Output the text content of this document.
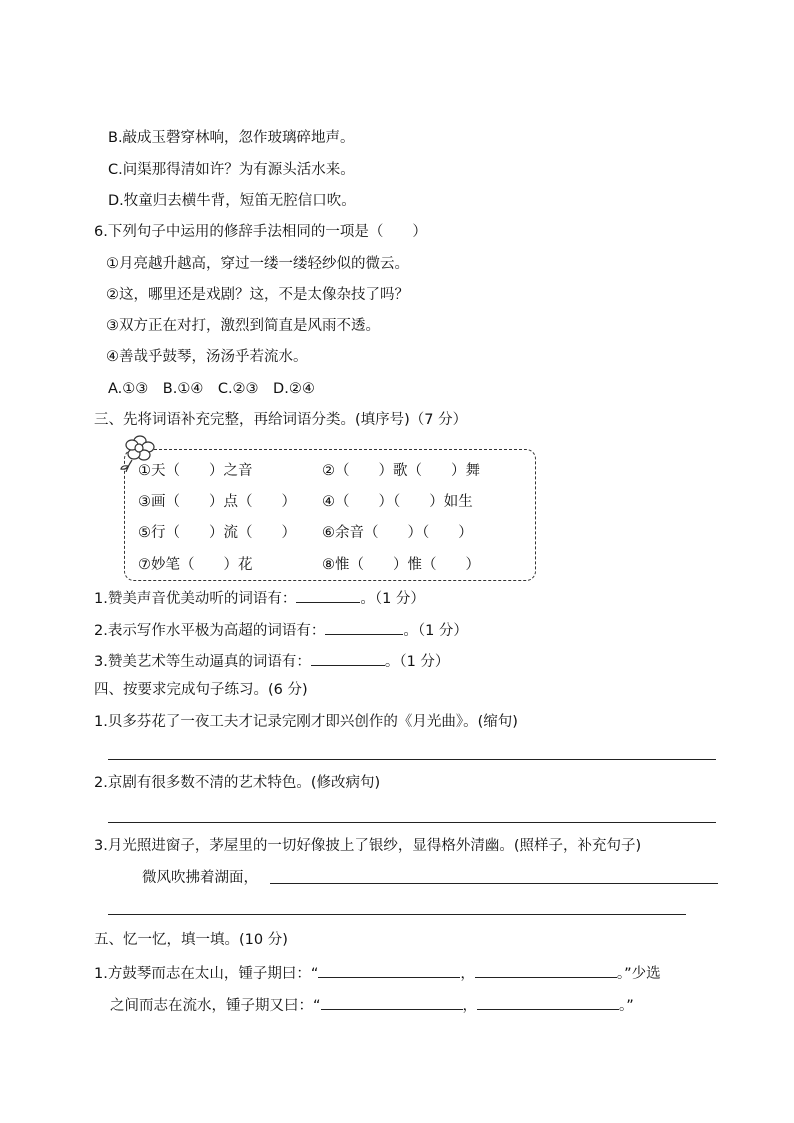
B.敲成玉磬穿林响，忽作玻璃碎地声。
C.问渠那得清如许？为有源头活水来。
D.牧童归去横牛背，短笛无腔信口吹。
6.下列句子中运用的修辞手法相同的一项是（　　）
①月亮越升越高，穿过一缕一缕轻纱似的微云。
②这，哪里还是戏剧？这，不是太像杂技了吗？
③双方正在对打，激烈到简直是风雨不透。
④善哉乎鼓琴，汤汤乎若流水。
A.①③　B.①④　C.②③　D.②④
三、先将词语补充完整，再给词语分类。(填序号)（7 分）
①天（　　）之音	②（　　）歌（　　）舞
③画（　　）点（　　） ④（　　）（　　）如生
⑤行（　　）流（　　） ⑥余音（　　）（　　）
⑦妙笔（　　）花	⑧惟（　　）惟（　　）
1.赞美声音优美动听的词语有：	。（1 分）
2.表示写作水平极为高超的词语有：	。（1 分）
3.赞美艺术等生动逼真的词语有：	。（1 分）
四、按要求完成句子练习。(6 分)
1.贝多芬花了一夜工夫才记录完刚才即兴创作的《月光曲》。(缩句)
2.京剧有很多数不清的艺术特色。(修改病句)
3.月光照进窗子，茅屋里的一切好像披上了银纱，显得格外清幽。(照样子，补充句子)
微风吹拂着湖面，
五、忆一忆，填一填。(10 分)
1.方鼓琴而志在太山，锺子期曰：“	，	。”少选
之间而志在流水，锺子期又曰：“	，	。”
